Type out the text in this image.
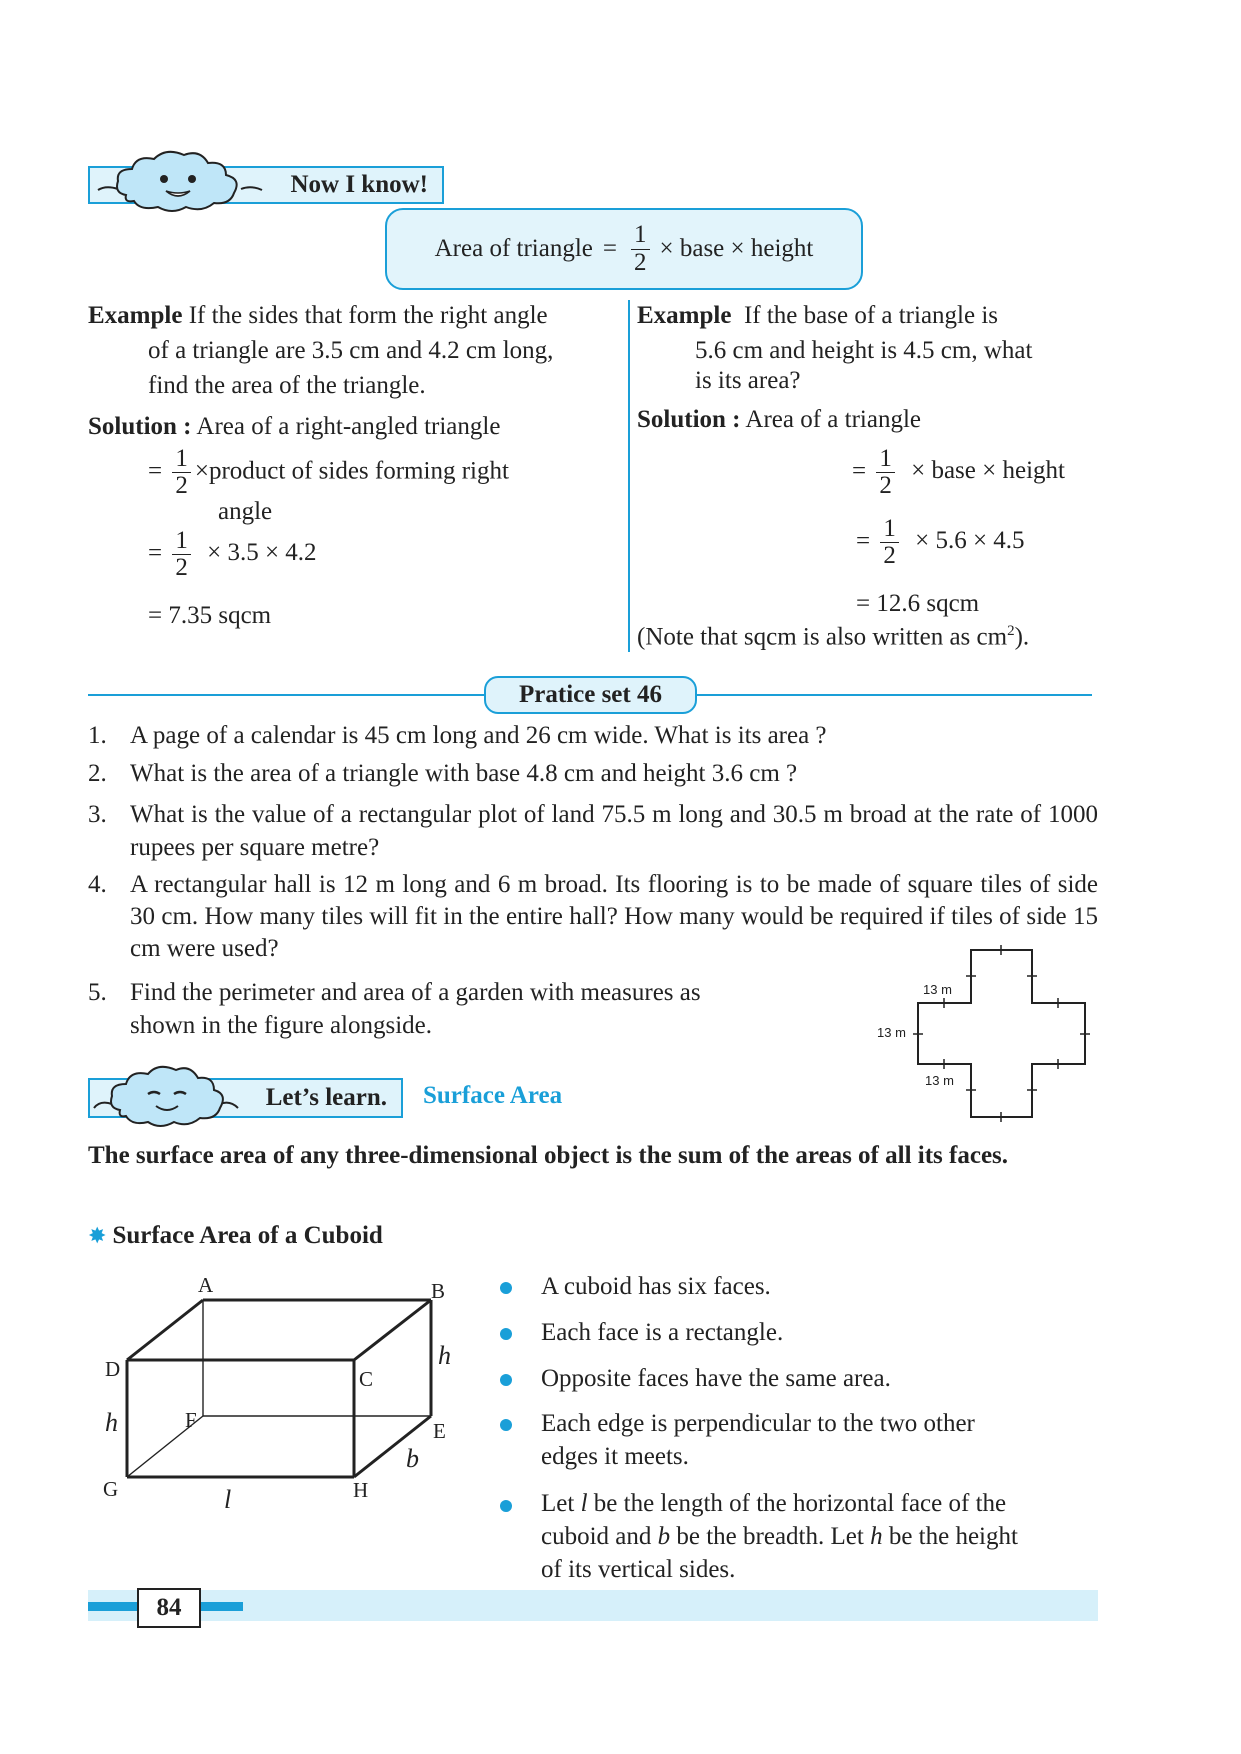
Now I know!
Area of triangle = $\frac{1}{2}$ × base × height
Example If the sides that form the right angle
of a triangle are 3.5 cm and 4.2 cm long,
find the area of the triangle.
Solution : Area of a right-angled triangle
= $\frac{1}{2}$ ×product of sides forming right
angle
= $\frac{1}{2} \times 3.5 \times 4.2$
= 7.35 sqcm
Example If the base of a triangle is
5.6 cm and height is 4.5 cm, what
is its area?
Solution : Area of a triangle
= $\frac{1}{2}$ × base × height
= $\frac{1}{2} \times 5.6 \times 4.5$
= 12.6 sqcm
(Note that sqcm is also written as $cm^2$).
Pratice set 46
1. A page of a calendar is 45 cm long and 26 cm wide. What is its area ?
2. What is the area of a triangle with base 4.8 cm and height 3.6 cm ?
3. What is the value of a rectangular plot of land 75.5 m long and 30.5 m broad at the rate of 1000 rupees per square metre?
4. A rectangular hall is 12 m long and 6 m broad. Its flooring is to be made of square tiles of side 30 cm. How many tiles will fit in the entire hall? How many would be required if tiles of side 15 cm were used?
5. Find the perimeter and area of a garden with measures as shown in the figure alongside.
13 m
13 m
13 m
Let’s learn. Surface Area
The surface area of any three-dimensional object is the sum of the areas of all its faces.
✸ Surface Area of a Cuboid
A	B
C
D
E
F
G	H
h
h
b
l
A cuboid has six faces.
Each face is a rectangle.
Opposite faces have the same area.
Each edge is perpendicular to the two other
edges it meets.
Let l be the length of the horizontal face of the
cuboid and b be the breadth. Let h be the height
of its vertical sides.
84
